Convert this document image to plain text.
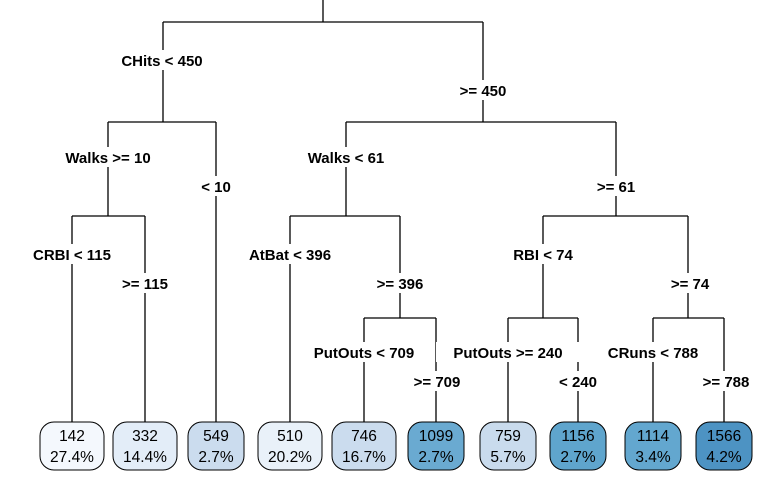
CHits < 450
>= 450
Walks >= 10
< 10
CRBI < 115
>= 115
Walks < 61
>= 61
AtBat < 396
>= 396
PutOuts < 709
>= 709
RBI < 74
>= 74
PutOuts >= 240
< 240
CRuns < 788
>= 788
142
27.4%
332
14.4%
549
2.7%
510
20.2%
746
16.7%
1099
2.7%
759
5.7%
1156
2.7%
1114
3.4%
1566
4.2%
